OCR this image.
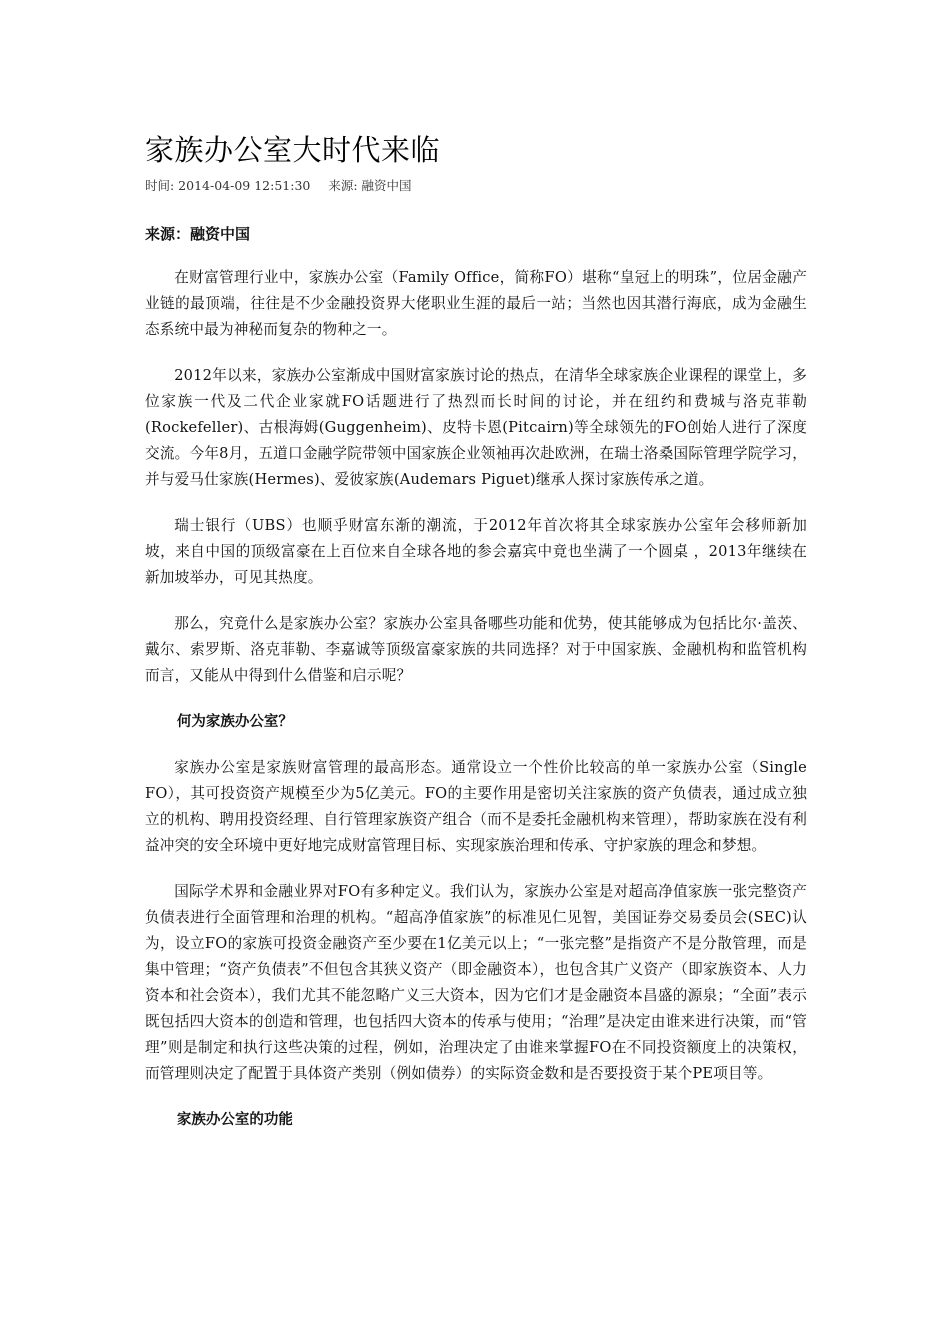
家族办公室大时代来临
时间: 2014-04-09 12:51:30 来源: 融资中国
来源：融资中国

在财富管理行业中，家族办公室（Family Office，简称FO）堪称“皇冠上的明珠”，位居金融产业链的最顶端，往往是不少金融投资界大佬职业生涯的最后一站；当然也因其潜行海底，成为金融生态系统中最为神秘而复杂的物种之一。

2012年以来，家族办公室渐成中国财富家族讨论的热点，在清华全球家族企业课程的课堂上，多位家族一代及二代企业家就FO话题进行了热烈而长时间的讨论，并在纽约和费城与洛克菲勒(Rockefeller)、古根海姆(Guggenheim)、皮特卡恩(Pitcairn)等全球领先的FO创始人进行了深度交流。今年8月，五道口金融学院带领中国家族企业领袖再次赴欧洲，在瑞士洛桑国际管理学院学习，并与爱马仕家族(Hermes)、爱彼家族(Audemars Piguet)继承人探讨家族传承之道。

瑞士银行（UBS）也顺乎财富东渐的潮流，于2012年首次将其全球家族办公室年会移师新加坡，来自中国的顶级富豪在上百位来自全球各地的参会嘉宾中竟也坐满了一个圆桌 ，2013年继续在新加坡举办，可见其热度。

那么，究竟什么是家族办公室？家族办公室具备哪些功能和优势，使其能够成为包括比尔·盖茨、戴尔、索罗斯、洛克菲勒、李嘉诚等顶级富豪家族的共同选择？对于中国家族、金融机构和监管机构而言，又能从中得到什么借鉴和启示呢？

何为家族办公室？

家族办公室是家族财富管理的最高形态。通常设立一个性价比较高的单一家族办公室（Single FO），其可投资资产规模至少为5亿美元。FO的主要作用是密切关注家族的资产负债表，通过成立独立的机构、聘用投资经理、自行管理家族资产组合（而不是委托金融机构来管理），帮助家族在没有利益冲突的安全环境中更好地完成财富管理目标、实现家族治理和传承、守护家族的理念和梦想。

国际学术界和金融业界对FO有多种定义。我们认为，家族办公室是对超高净值家族一张完整资产负债表进行全面管理和治理的机构。“超高净值家族”的标准见仁见智，美国证券交易委员会(SEC)认为，设立FO的家族可投资金融资产至少要在1亿美元以上；“一张完整”是指资产不是分散管理，而是集中管理；“资产负债表”不但包含其狭义资产（即金融资本），也包含其广义资产（即家族资本、人力资本和社会资本），我们尤其不能忽略广义三大资本，因为它们才是金融资本昌盛的源泉；“全面”表示既包括四大资本的创造和管理，也包括四大资本的传承与使用；“治理”是决定由谁来进行决策，而“管理”则是制定和执行这些决策的过程，例如，治理决定了由谁来掌握FO在不同投资额度上的决策权，而管理则决定了配置于具体资产类别（例如债券）的实际资金数和是否要投资于某个PE项目等。

家族办公室的功能
